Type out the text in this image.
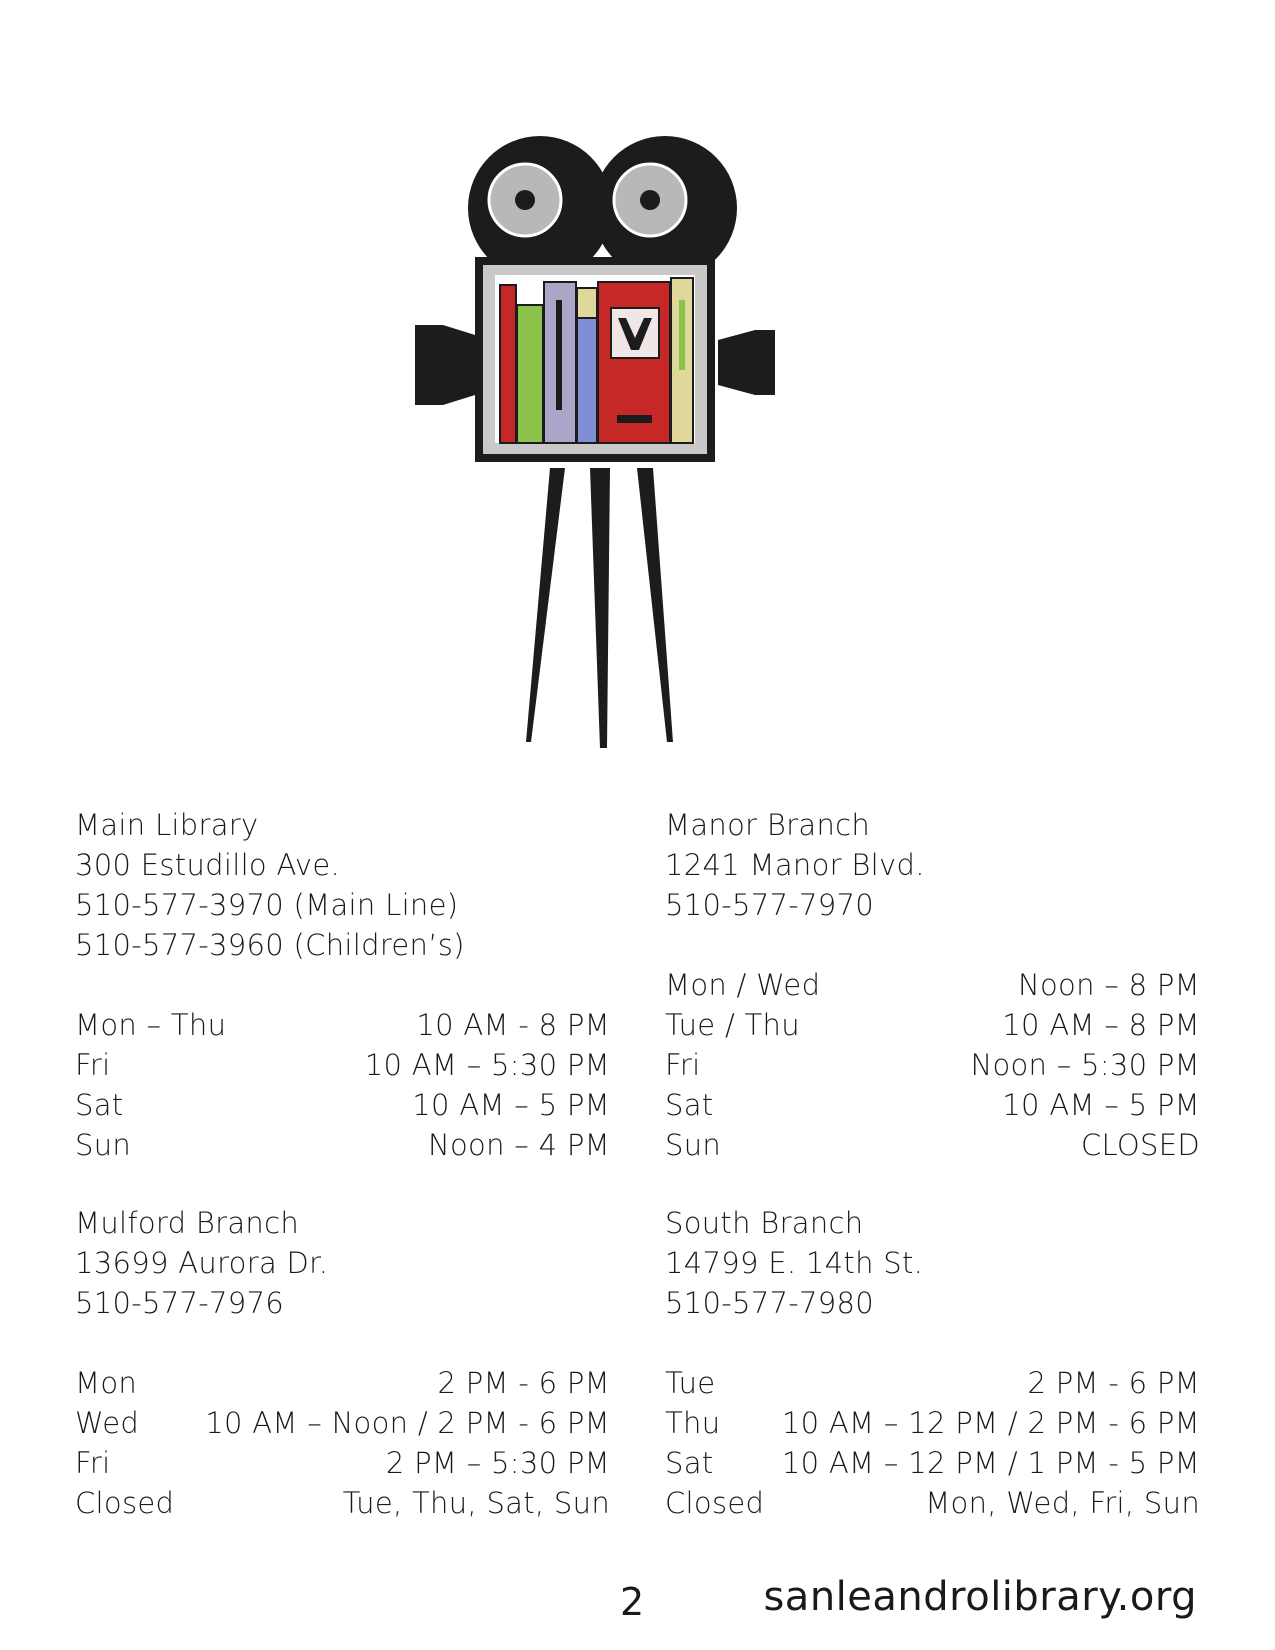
Main Library
300 Estudillo Ave.
510-577-3970 (Main Line)
510-577-3960 (Children’s)
Mon – Thu	10 AM - 8 PM
Fri	10 AM – 5:30 PM
Sat	10 AM – 5 PM
Sun	Noon – 4 PM
Manor Branch
1241 Manor Blvd.
510-577-7970
Mon / Wed	Noon – 8 PM
Tue / Thu	10 AM – 8 PM
Fri	Noon – 5:30 PM
Sat	10 AM – 5 PM
Sun	CLOSED
Mulford Branch
13699 Aurora Dr.
510-577-7976
Mon	2 PM - 6 PM
Wed 10 AM – Noon / 2 PM - 6 PM
Fri	2 PM – 5:30 PM
Closed	Tue, Thu, Sat, Sun
South Branch
14799 E. 14th St.
510-577-7980
Tue	2 PM - 6 PM
Thu 10 AM – 12 PM / 2 PM - 6 PM
Sat 10 AM – 12 PM / 1 PM - 5 PM
Closed	Mon, Wed, Fri, Sun
2	sanleandrolibrary.org
